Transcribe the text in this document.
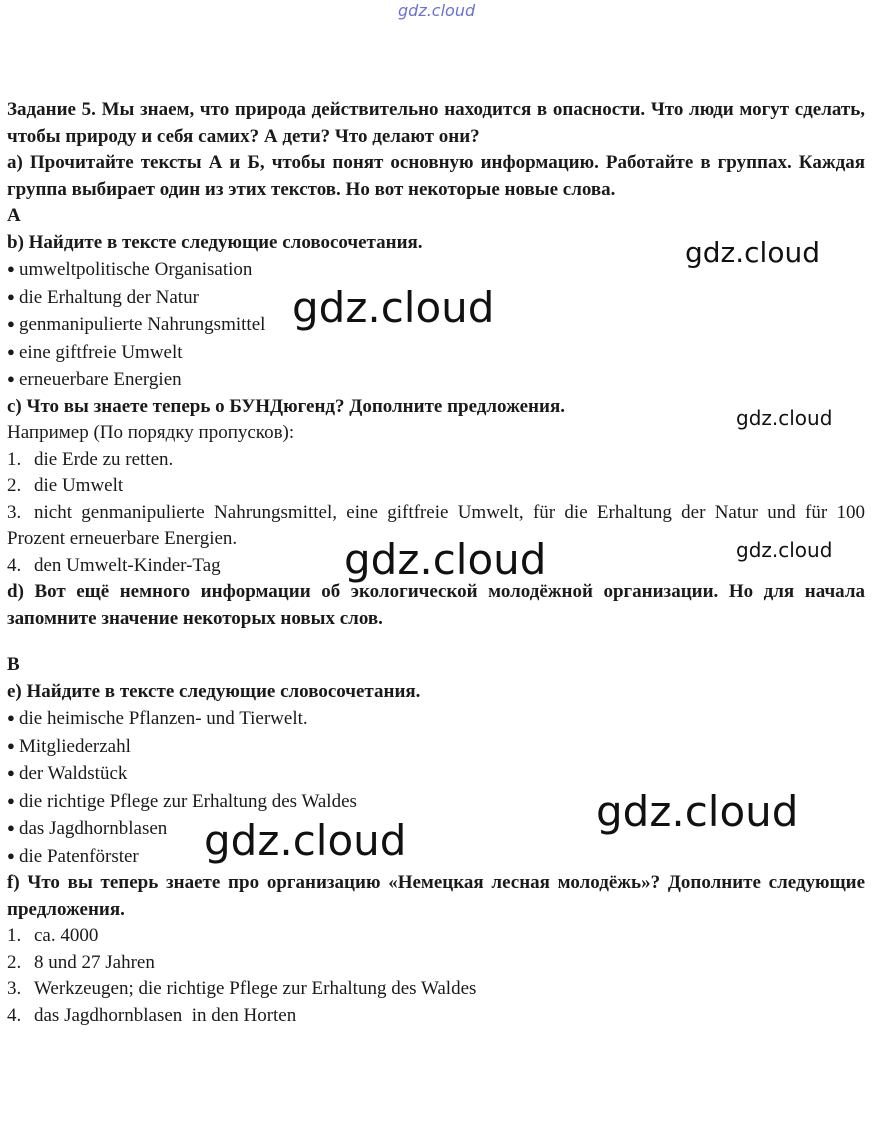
gdz.cloud
Задание 5. Мы знаем, что природа действительно находится в опасности. Что люди могут сделать, чтобы природу и себя самих? А дети? Что делают они?
а) Прочитайте тексты А и Б, чтобы понят основную информацию. Работайте в группах. Каждая группа выбирает один из этих текстов. Но вот некоторые новые слова.
А
b) Найдите в тексте следующие словосочетания.
● umweltpolitische Organisation
● die Erhaltung der Natur
● genmanipulierte Nahrungsmittel
● eine giftfreie Umwelt
● erneuerbare Energien
с) Что вы знаете теперь о БУНДюгенд? Дополните предложения.
Например (По порядку пропусков):
1. die Erde zu retten.
2. die Umwelt
3. nicht genmanipulierte Nahrungsmittel, eine giftfreie Umwelt, für die Erhaltung der Natur und für 100 Prozent erneuerbare Energien.
4. den Umwelt-Kinder-Tag
d) Вот ещё немного информации об экологической молодёжной организации. Но для начала запомните значение некоторых новых слов.
B
e) Найдите в тексте следующие словосочетания.
● die heimische Pflanzen- und Tierwelt.
● Mitgliederzahl
● der Waldstück
● die richtige Pflege zur Erhaltung des Waldes
● das Jagdhornblasen
● die Patenförster
f) Что вы теперь знаете про организацию «Немецкая лесная молодёжь»? Дополните следующие предложения.
1. ca. 4000
2. 8 und 27 Jahren
3. Werkzeugen; die richtige Pflege zur Erhaltung des Waldes
4. das Jagdhornblasen  in den Horten
gdz.cloud
gdz.cloud
gdz.cloud
gdz.cloud	gdz.cloud
gdz.cloud
gdz.cloud
